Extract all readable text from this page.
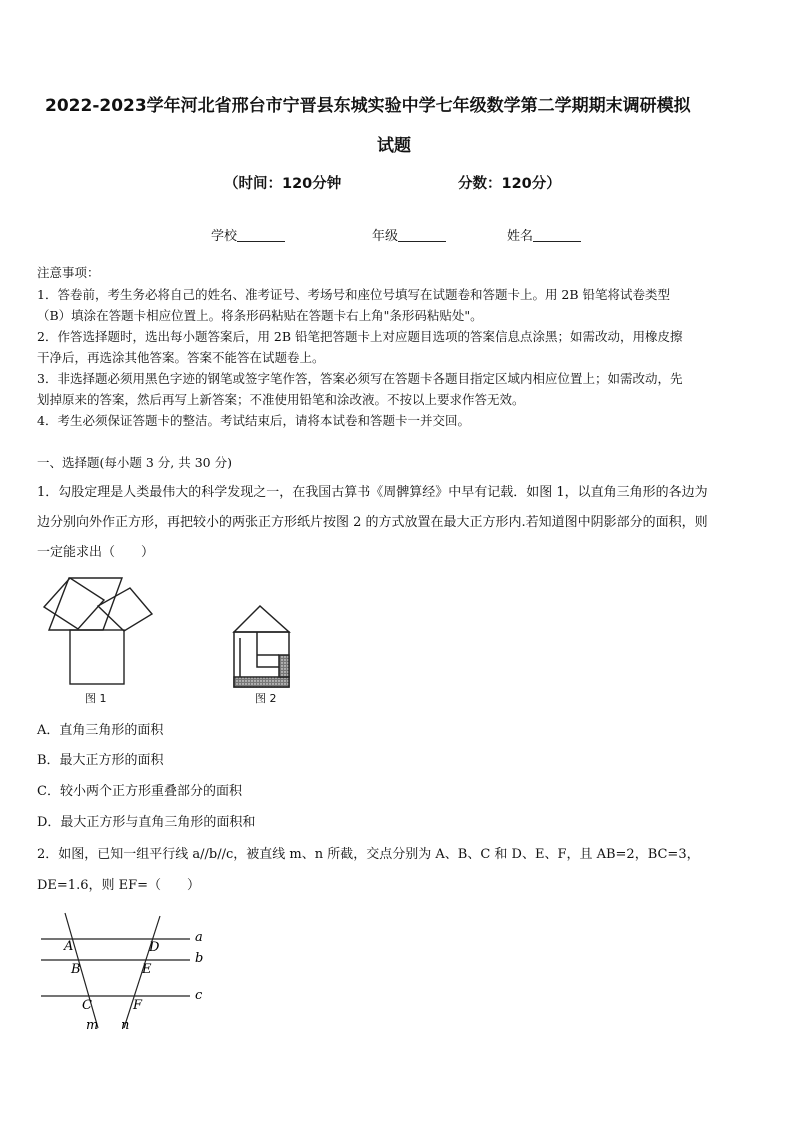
2022-2023学年河北省邢台市宁晋县东城实验中学七年级数学第二学期期末调研模拟
试题
（时间：120分钟	分数：120分）
学校	年级	姓名
注意事项：
1．答卷前，考生务必将自己的姓名、准考证号、考场号和座位号填写在试题卷和答题卡上。用 2B 铅笔将试卷类型
（B）填涂在答题卡相应位置上。将条形码粘贴在答题卡右上角"条形码粘贴处"。
2．作答选择题时，选出每小题答案后，用 2B 铅笔把答题卡上对应题目选项的答案信息点涂黑；如需改动，用橡皮擦
干净后，再选涂其他答案。答案不能答在试题卷上。
3．非选择题必须用黑色字迹的钢笔或签字笔作答，答案必须写在答题卡各题目指定区域内相应位置上；如需改动，先
划掉原来的答案，然后再写上新答案；不准使用铅笔和涂改液。不按以上要求作答无效。
4．考生必须保证答题卡的整洁。考试结束后，请将本试卷和答题卡一并交回。
一、选择题(每小题 3 分, 共 30 分)
1．勾股定理是人类最伟大的科学发现之一，在我国古算书《周髀算经》中早有记载．如图 1，以直角三角形的各边为
边分别向外作正方形，再把较小的两张正方形纸片按图 2 的方式放置在最大正方形内.若知道图中阴影部分的面积，则
一定能求出（　　）
图 1	图 2
A．直角三角形的面积
B．最大正方形的面积
C．较小两个正方形重叠部分的面积
D．最大正方形与直角三角形的面积和
2．如图，已知一组平行线 a//b//c，被直线 m、n 所截，交点分别为 A、B、C 和 D、E、F，且 AB=2，BC=3，
DE=1.6，则 EF=（　　）
A
B
C
D
E
F
a
b
c
m n
